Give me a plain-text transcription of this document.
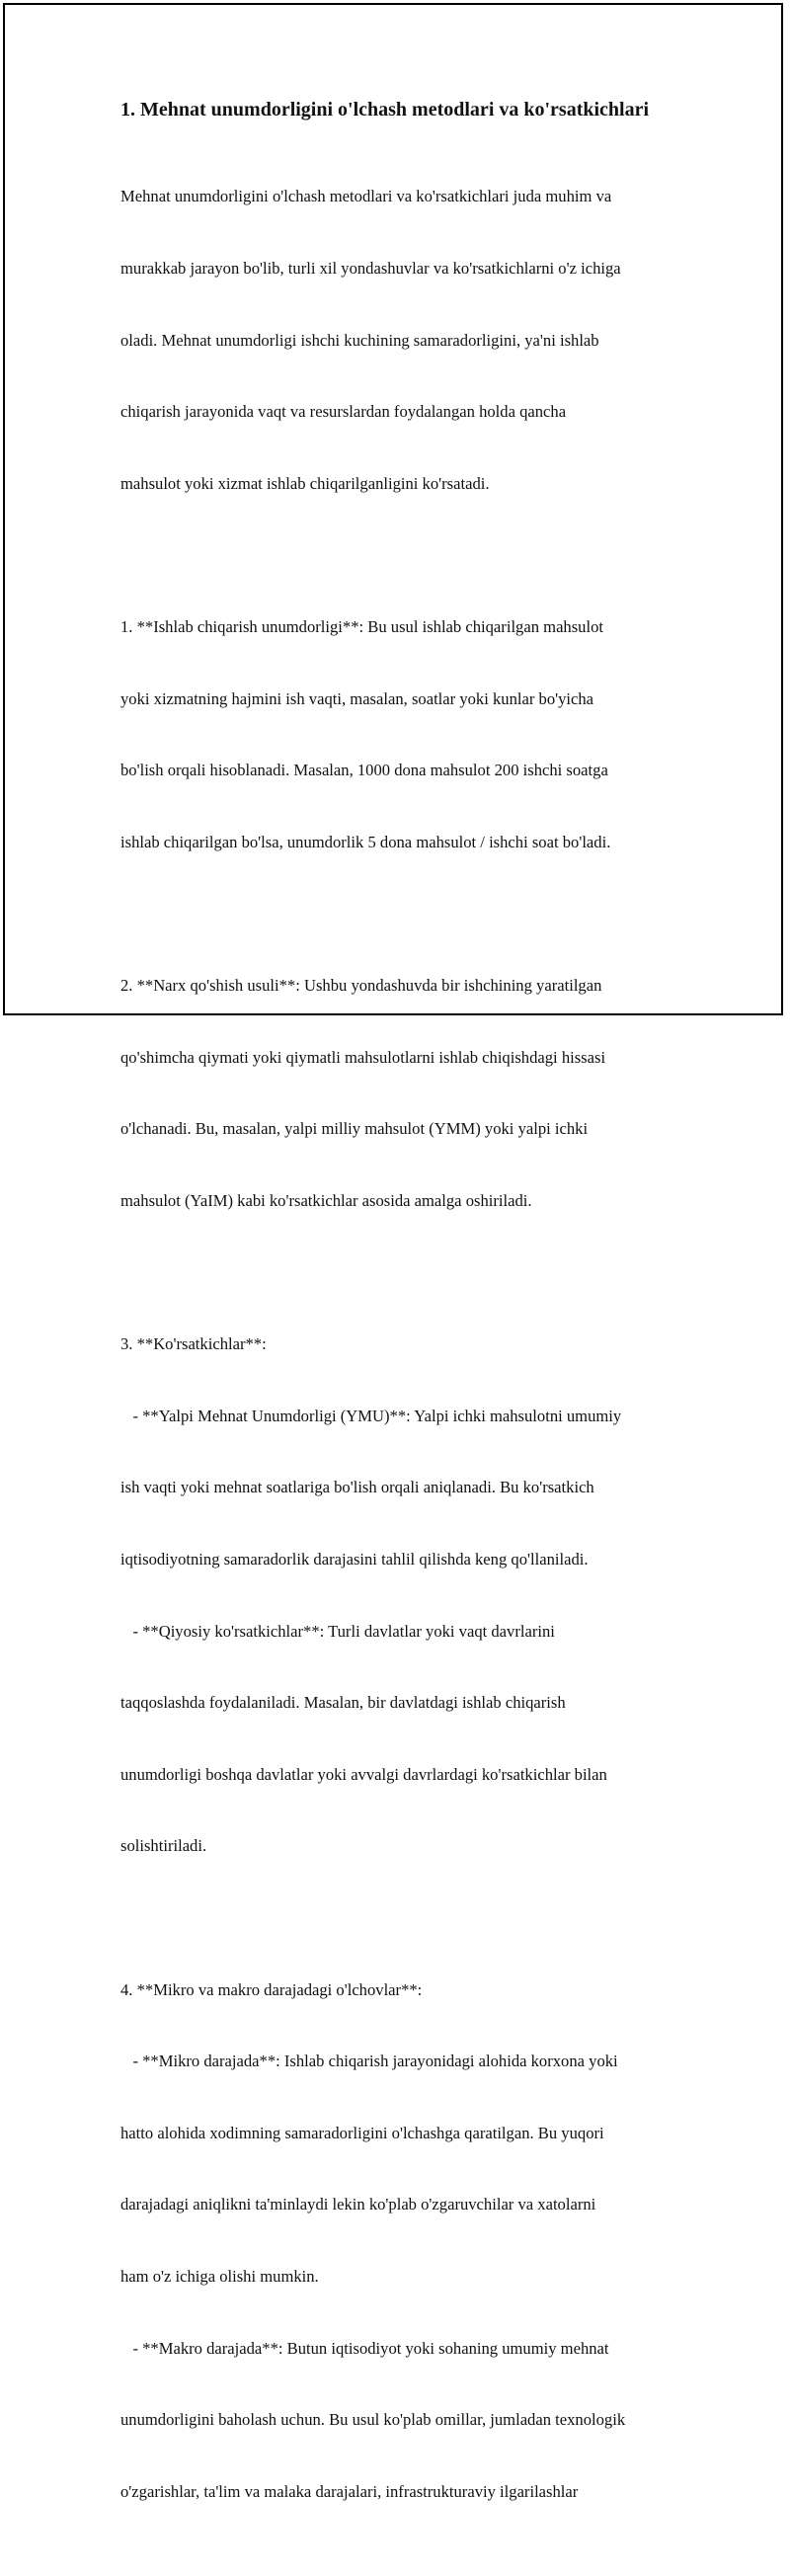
1. Mehnat unumdorligini o'lchash metodlari va ko'rsatkichlari

Mehnat unumdorligini o'lchash metodlari va ko'rsatkichlari juda muhim va

murakkab jarayon bo'lib, turli xil yondashuvlar va ko'rsatkichlarni o'z ichiga

oladi. Mehnat unumdorligi ishchi kuchining samaradorligini, ya'ni ishlab

chiqarish jarayonida vaqt va resurslardan foydalangan holda qancha

mahsulot yoki xizmat ishlab chiqarilganligini ko'rsatadi.

1. **Ishlab chiqarish unumdorligi**: Bu usul ishlab chiqarilgan mahsulot

yoki xizmatning hajmini ish vaqti, masalan, soatlar yoki kunlar bo'yicha

bo'lish orqali hisoblanadi. Masalan, 1000 dona mahsulot 200 ishchi soatga

ishlab chiqarilgan bo'lsa, unumdorlik 5 dona mahsulot / ishchi soat bo'ladi.

2. **Narx qo'shish usuli**: Ushbu yondashuvda bir ishchining yaratilgan

qo'shimcha qiymati yoki qiymatli mahsulotlarni ishlab chiqishdagi hissasi

o'lchanadi. Bu, masalan, yalpi milliy mahsulot (YMM) yoki yalpi ichki

mahsulot (YaIM) kabi ko'rsatkichlar asosida amalga oshiriladi.

3. **Ko'rsatkichlar**:

- **Yalpi Mehnat Unumdorligi (YMU)**: Yalpi ichki mahsulotni umumiy

ish vaqti yoki mehnat soatlariga bo'lish orqali aniqlanadi. Bu ko'rsatkich

iqtisodiyotning samaradorlik darajasini tahlil qilishda keng qo'llaniladi.

- **Qiyosiy ko'rsatkichlar**: Turli davlatlar yoki vaqt davrlarini

taqqoslashda foydalaniladi. Masalan, bir davlatdagi ishlab chiqarish

unumdorligi boshqa davlatlar yoki avvalgi davrlardagi ko'rsatkichlar bilan

solishtiriladi.

4. **Mikro va makro darajadagi o'lchovlar**:

- **Mikro darajada**: Ishlab chiqarish jarayonidagi alohida korxona yoki

hatto alohida xodimning samaradorligini o'lchashga qaratilgan. Bu yuqori

darajadagi aniqlikni ta'minlaydi lekin ko'plab o'zgaruvchilar va xatolarni

ham o'z ichiga olishi mumkin.

- **Makro darajada**: Butun iqtisodiyot yoki sohaning umumiy mehnat

unumdorligini baholash uchun. Bu usul ko'plab omillar, jumladan texnologik

o'zgarishlar, ta'lim va malaka darajalari, infrastrukturaviy ilgarilashlar
